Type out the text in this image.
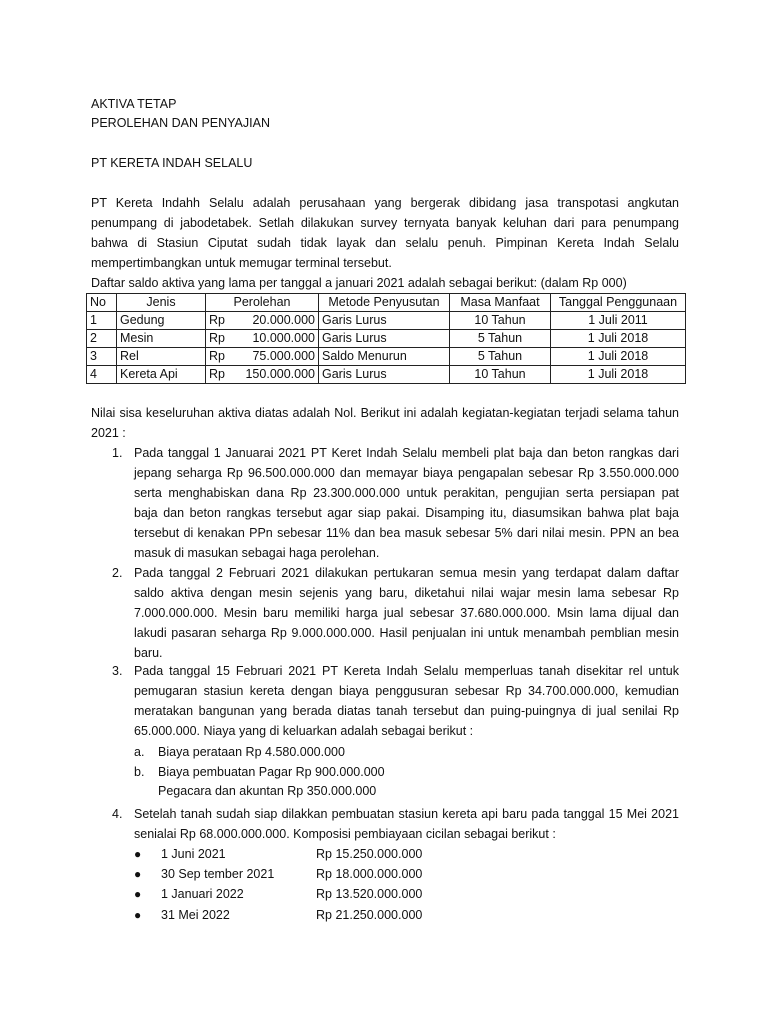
AKTIVA TETAP
PEROLEHAN DAN PENYAJIAN
PT KERETA INDAH SELALU
PT Kereta Indahh Selalu adalah perusahaan yang bergerak dibidang jasa transpotasi angkutan
penumpang di jabodetabek. Setlah dilakukan survey ternyata banyak keluhan dari para penumpang
bahwa di Stasiun Ciputat sudah tidak layak dan selalu penuh. Pimpinan Kereta Indah Selalu
mempertimbangkan untuk memugar terminal tersebut.
Daftar saldo aktiva yang lama per tanggal a januari 2021 adalah sebagai berikut: (dalam Rp 000)
No	Jenis	Perolehan	Metode Penyusutan	Masa Manfaat	Tanggal Penggunaan
1	Gedung	Rp 20.000.000	Garis Lurus	10 Tahun	1 Juli 2011
2	Mesin	Rp 10.000.000	Garis Lurus	5 Tahun	1 Juli 2018
3	Rel	Rp 75.000.000	Saldo Menurun	5 Tahun	1 Juli 2018
4	Kereta Api	Rp 150.000.000	Garis Lurus	10 Tahun	1 Juli 2018
Nilai sisa keseluruhan aktiva diatas adalah Nol. Berikut ini adalah kegiatan-kegiatan terjadi selama tahun
2021 :
1. Pada tanggal 1 Januarai 2021 PT Keret Indah Selalu membeli plat baja dan beton rangkas dari
jepang seharga Rp 96.500.000.000 dan memayar biaya pengapalan sebesar Rp 3.550.000.000
serta menghabiskan dana Rp 23.300.000.000 untuk perakitan, pengujian serta persiapan pat
baja dan beton rangkas tersebut agar siap pakai. Disamping itu, diasumsikan bahwa plat baja
tersebut di kenakan PPn sebesar 11% dan bea masuk sebesar 5% dari nilai mesin. PPN an bea
masuk di masukan sebagai haga perolehan.
2. Pada tanggal 2 Februari 2021 dilakukan pertukaran semua mesin yang terdapat dalam daftar
saldo aktiva dengan mesin sejenis yang baru, diketahui nilai wajar mesin lama sebesar Rp
7.000.000.000. Mesin baru memiliki harga jual sebesar 37.680.000.000. Msin lama dijual dan
lakudi pasaran seharga Rp 9.000.000.000. Hasil penjualan ini untuk menambah pemblian mesin
baru.
3. Pada tanggal 15 Februari 2021 PT Kereta Indah Selalu memperluas tanah disekitar rel untuk
pemugaran stasiun kereta dengan biaya penggusuran sebesar Rp 34.700.000.000, kemudian
meratakan bangunan yang berada diatas tanah tersebut dan puing-puingnya di jual senilai Rp
65.000.000. Niaya yang di keluarkan adalah sebagai berikut :
a. Biaya perataan Rp 4.580.000.000
b. Biaya pembuatan Pagar Rp 900.000.000
Pegacara dan akuntan Rp 350.000.000
4. Setelah tanah sudah siap dilakkan pembuatan stasiun kereta api baru pada tanggal 15 Mei 2021
senialai Rp 68.000.000.000. Komposisi pembiayaan cicilan sebagai berikut :
● 1 Juni 2021	Rp 15.250.000.000
● 30 Sep tember 2021	Rp 18.000.000.000
● 1 Januari 2022	Rp 13.520.000.000
● 31 Mei 2022	Rp 21.250.000.000
